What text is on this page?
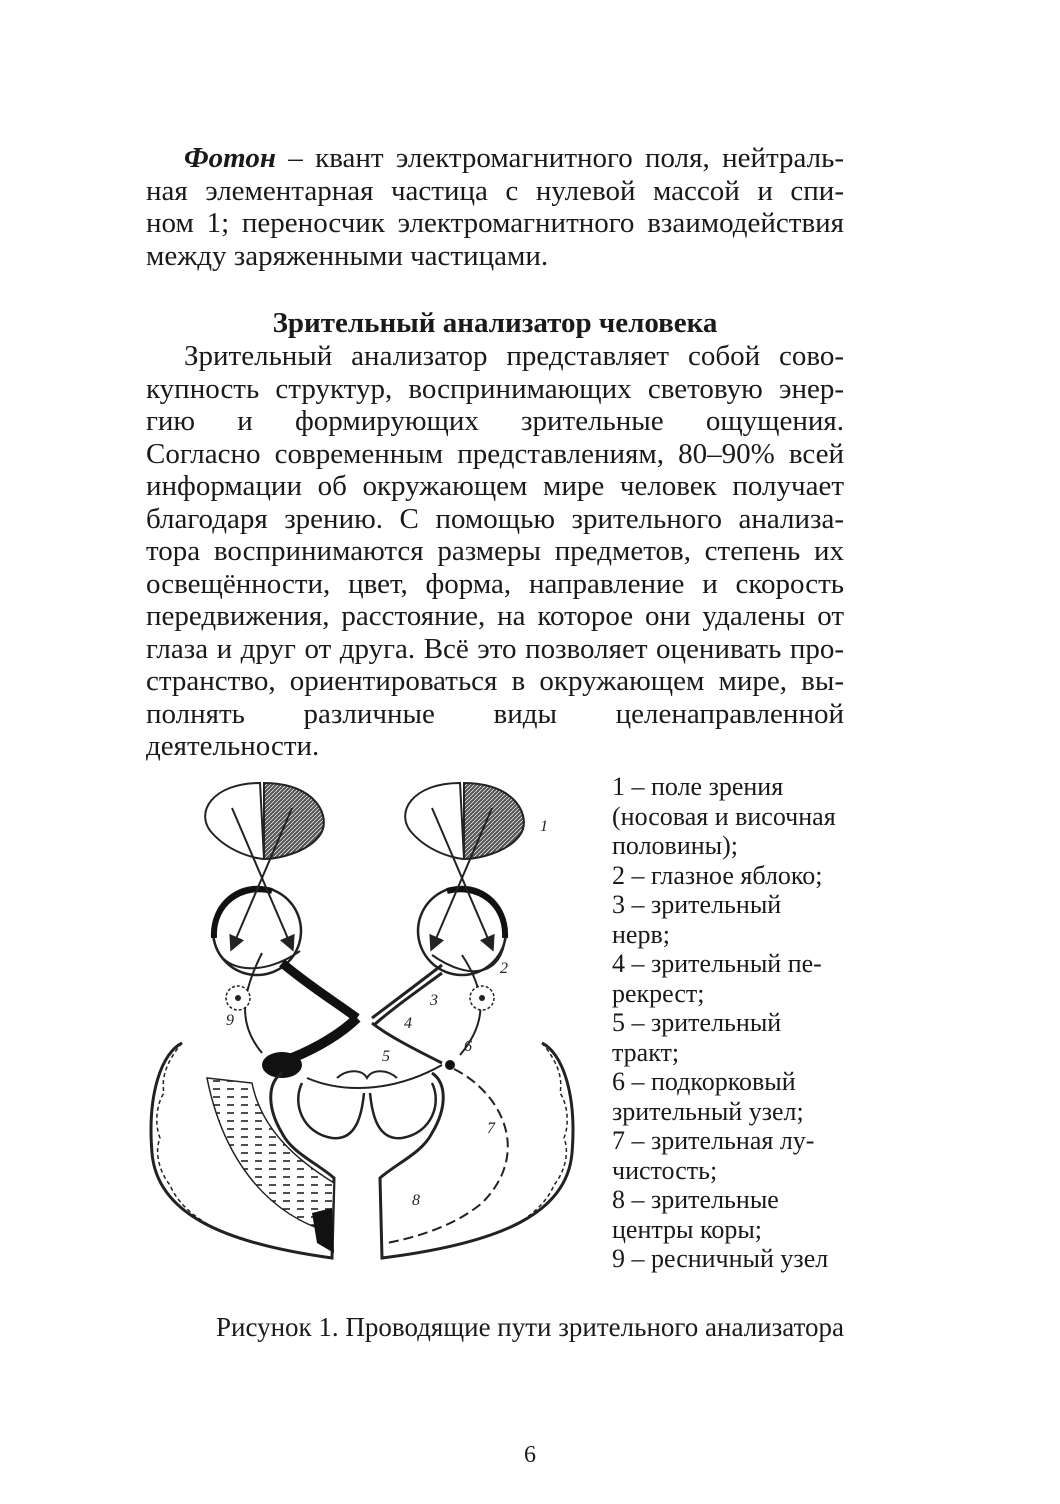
Фотон – квант электромагнитного поля, нейтраль-
ная элементарная частица с нулевой массой и спи-
ном 1; переносчик электромагнитного взаимодействия
между заряженными частицами.
Зрительный анализатор человека
Зрительный анализатор представляет собой сово-
купность структур, воспринимающих световую энер-
гию и формирующих зрительные ощущения.
Согласно современным представлениям, 80–90% всей
информации об окружающем мире человек получает
благодаря зрению. С помощью зрительного анализа-
тора воспринимаются размеры предметов, степень их
освещённости, цвет, форма, направление и скорость
передвижения, расстояние, на которое они удалены от
глаза и друг от друга. Всё это позволяет оценивать про-
странство, ориентироваться в окружающем мире, вы-
полнять различные виды целенаправленной
деятельности.
1
2
3
4
5
6
7
8
9
1 – поле зрения
(носовая и височная
половины);
2 – глазное яблоко;
3 – зрительный
нерв;
4 – зрительный пе-
рекрест;
5 – зрительный
тракт;
6 – подкорковый
зрительный узел;
7 – зрительная лу-
чистость;
8 – зрительные
центры коры;
9 – ресничный узел
Рисунок 1. Проводящие пути зрительного анализатора
6
